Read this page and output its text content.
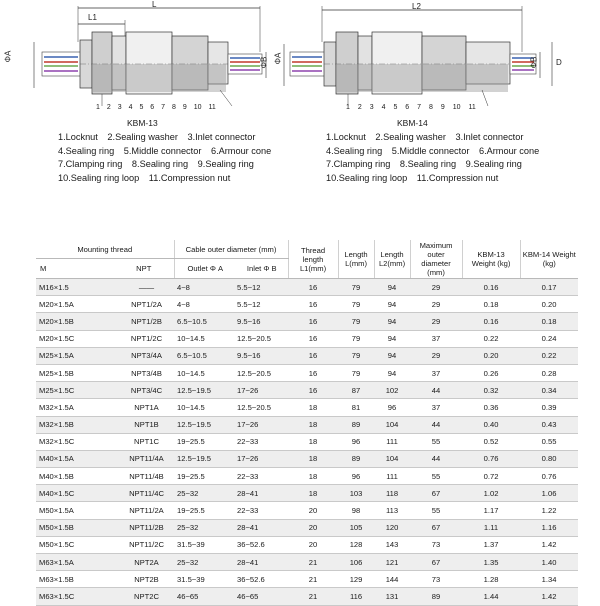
L1
L
ΦA
ΦB
1 2 3 4 5 6 7 8 9 10 11
KBM-13
L2
ΦA	ΦB D
1 2 3 4 5 6 7 8 9 10 11
KBM-14
1.Locknut 2.Sealing washer 3.Inlet connector
4.Sealing ring 5.Middle connector 6.Armour cone
7.Clamping ring 8.Sealing ring 9.Sealing ring
10.Sealing ring loop 11.Compression nut
1.Locknut 2.Sealing washer 3.Inlet connector
4.Sealing ring 5.Middle connector 6.Armour cone
7.Clamping ring 8.Sealing ring 9.Sealing ring
10.Sealing ring loop 11.Compression nut
Mounting thread		Cable outer diameter (mm)		Thread length L1(mm)	Length L(mm)	Length L2(mm)	Maximum outer diameter (mm)	KBM-13 Weight (kg)	KBM-14 Weight (kg)
M	NPT	Outlet Φ A	Inlet Φ B						
M16×1.5	——	4~8	5.5~12	16	79	94	29	0.16	0.17
M20×1.5A	NPT1/2A	4~8	5.5~12	16	79	94	29	0.18	0.20
M20×1.5B	NPT1/2B	6.5~10.5	9.5~16	16	79	94	29	0.16	0.18
M20×1.5C	NPT1/2C	10~14.5	12.5~20.5	16	79	94	37	0.22	0.24
M25×1.5A	NPT3/4A	6.5~10.5	9.5~16	16	79	94	29	0.20	0.22
M25×1.5B	NPT3/4B	10~14.5	12.5~20.5	16	79	94	37	0.26	0.28
M25×1.5C	NPT3/4C	12.5~19.5	17~26	16	87	102	44	0.32	0.34
M32×1.5A	NPT1A	10~14.5	12.5~20.5	18	81	96	37	0.36	0.39
M32×1.5B	NPT1B	12.5~19.5	17~26	18	89	104	44	0.40	0.43
M32×1.5C	NPT1C	19~25.5	22~33	18	96	111	55	0.52	0.55
M40×1.5A	NPT11/4A	12.5~19.5	17~26	18	89	104	44	0.76	0.80
M40×1.5B	NPT11/4B	19~25.5	22~33	18	96	111	55	0.72	0.76
M40×1.5C	NPT11/4C	25~32	28~41	18	103	118	67	1.02	1.06
M50×1.5A	NPT11/2A	19~25.5	22~33	20	98	113	55	1.17	1.22
M50×1.5B	NPT11/2B	25~32	28~41	20	105	120	67	1.11	1.16
M50×1.5C	NPT11/2C	31.5~39	36~52.6	20	128	143	73	1.37	1.42
M63×1.5A	NPT2A	25~32	28~41	21	106	121	67	1.35	1.40
M63×1.5B	NPT2B	31.5~39	36~52.6	21	129	144	73	1.28	1.34
M63×1.5C	NPT2C	46~65	46~65	21	116	131	89	1.44	1.42
